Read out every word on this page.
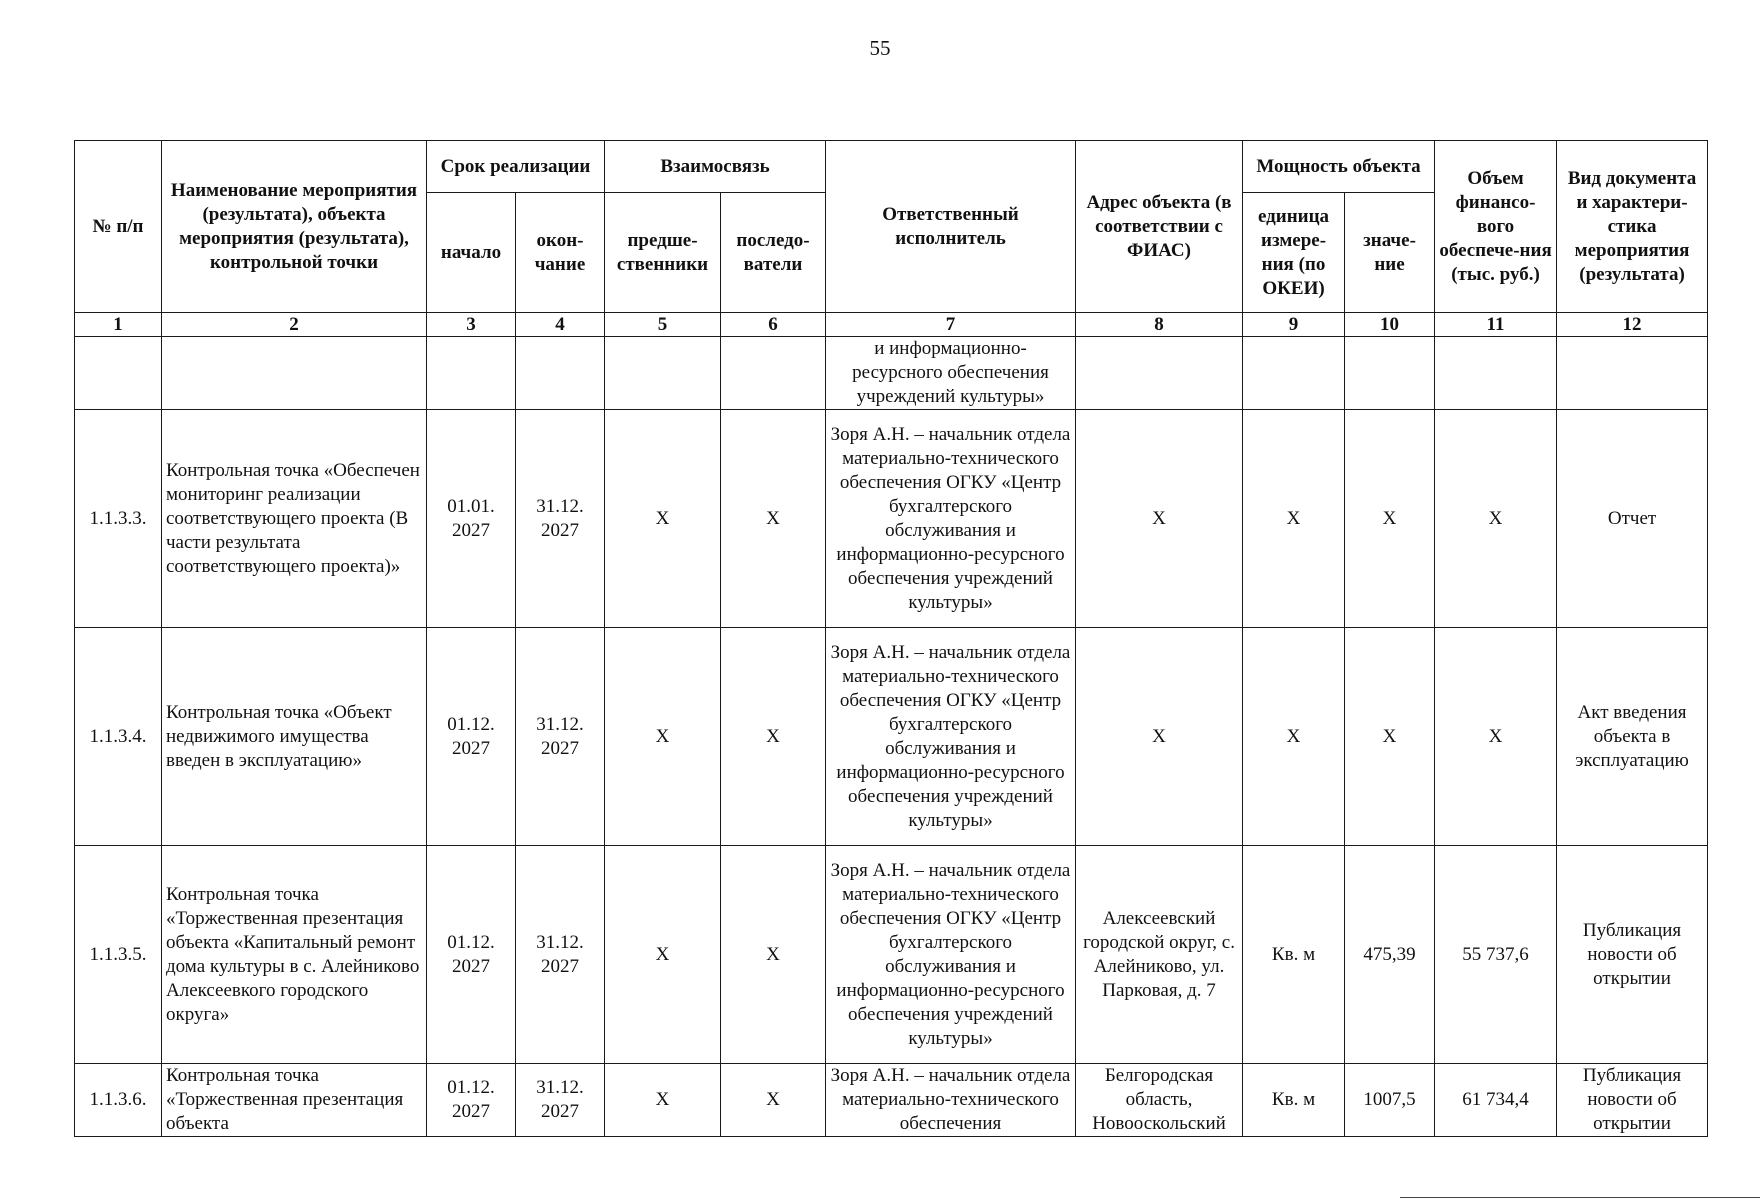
55
№ п/п	Наименование мероприятия (результата), объекта мероприятия (результата), контрольной точки	Срок реализации		Взаимосвязь		Ответственный исполнитель	Адрес объекта (в соответствии с ФИАС)	Мощность объекта		Объем финансо-вого обеспече-ния (тыс. руб.)	Вид документа и характери-стика мероприятия (результата)
		начало	окон-чание	предше-ственники	последо-ватели			единица измере-ния (по ОКЕИ)	значе-ние		
1	2	3	4	5	6	7	8	9	10	11	12
						и информационно-ресурсного обеспечения учреждений культуры»					
1.1.3.3.	Контрольная точка «Обеспечен мониторинг реализации соответствующего проекта (В части результата соответствующего проекта)»	01.01. 2027	31.12. 2027	X	X	Зоря А.Н. – начальник отдела материально-технического обеспечения ОГКУ «Центр бухгалтерского обслуживания и информационно-ресурсного обеспечения учреждений культуры»	X	X	X	X	Отчет
1.1.3.4.	Контрольная точка «Объект недвижимого имущества введен в эксплуатацию»	01.12. 2027	31.12. 2027	X	X	Зоря А.Н. – начальник отдела материально-технического обеспечения ОГКУ «Центр бухгалтерского обслуживания и информационно-ресурсного обеспечения учреждений культуры»	X	X	X	X	Акт введения объекта в эксплуатацию
1.1.3.5.	Контрольная точка «Торжественная презентация объекта «Капитальный ремонт дома культуры в с. Алейниково Алексеевкого городского округа»	01.12. 2027	31.12. 2027	X	X	Зоря А.Н. – начальник отдела материально-технического обеспечения ОГКУ «Центр бухгалтерского обслуживания и информационно-ресурсного обеспечения учреждений культуры»	Алексеевский городской округ, с. Алейниково, ул. Парковая, д. 7	Кв. м	475,39	55 737,6	Публикация новости об открытии
1.1.3.6.	Контрольная точка «Торжественная презентация объекта	01.12. 2027	31.12. 2027	X	X	Зоря А.Н. – начальник отдела материально-технического обеспечения	Белгородская область, Новооскольский	Кв. м	1007,5	61 734,4	Публикация новости об открытии
